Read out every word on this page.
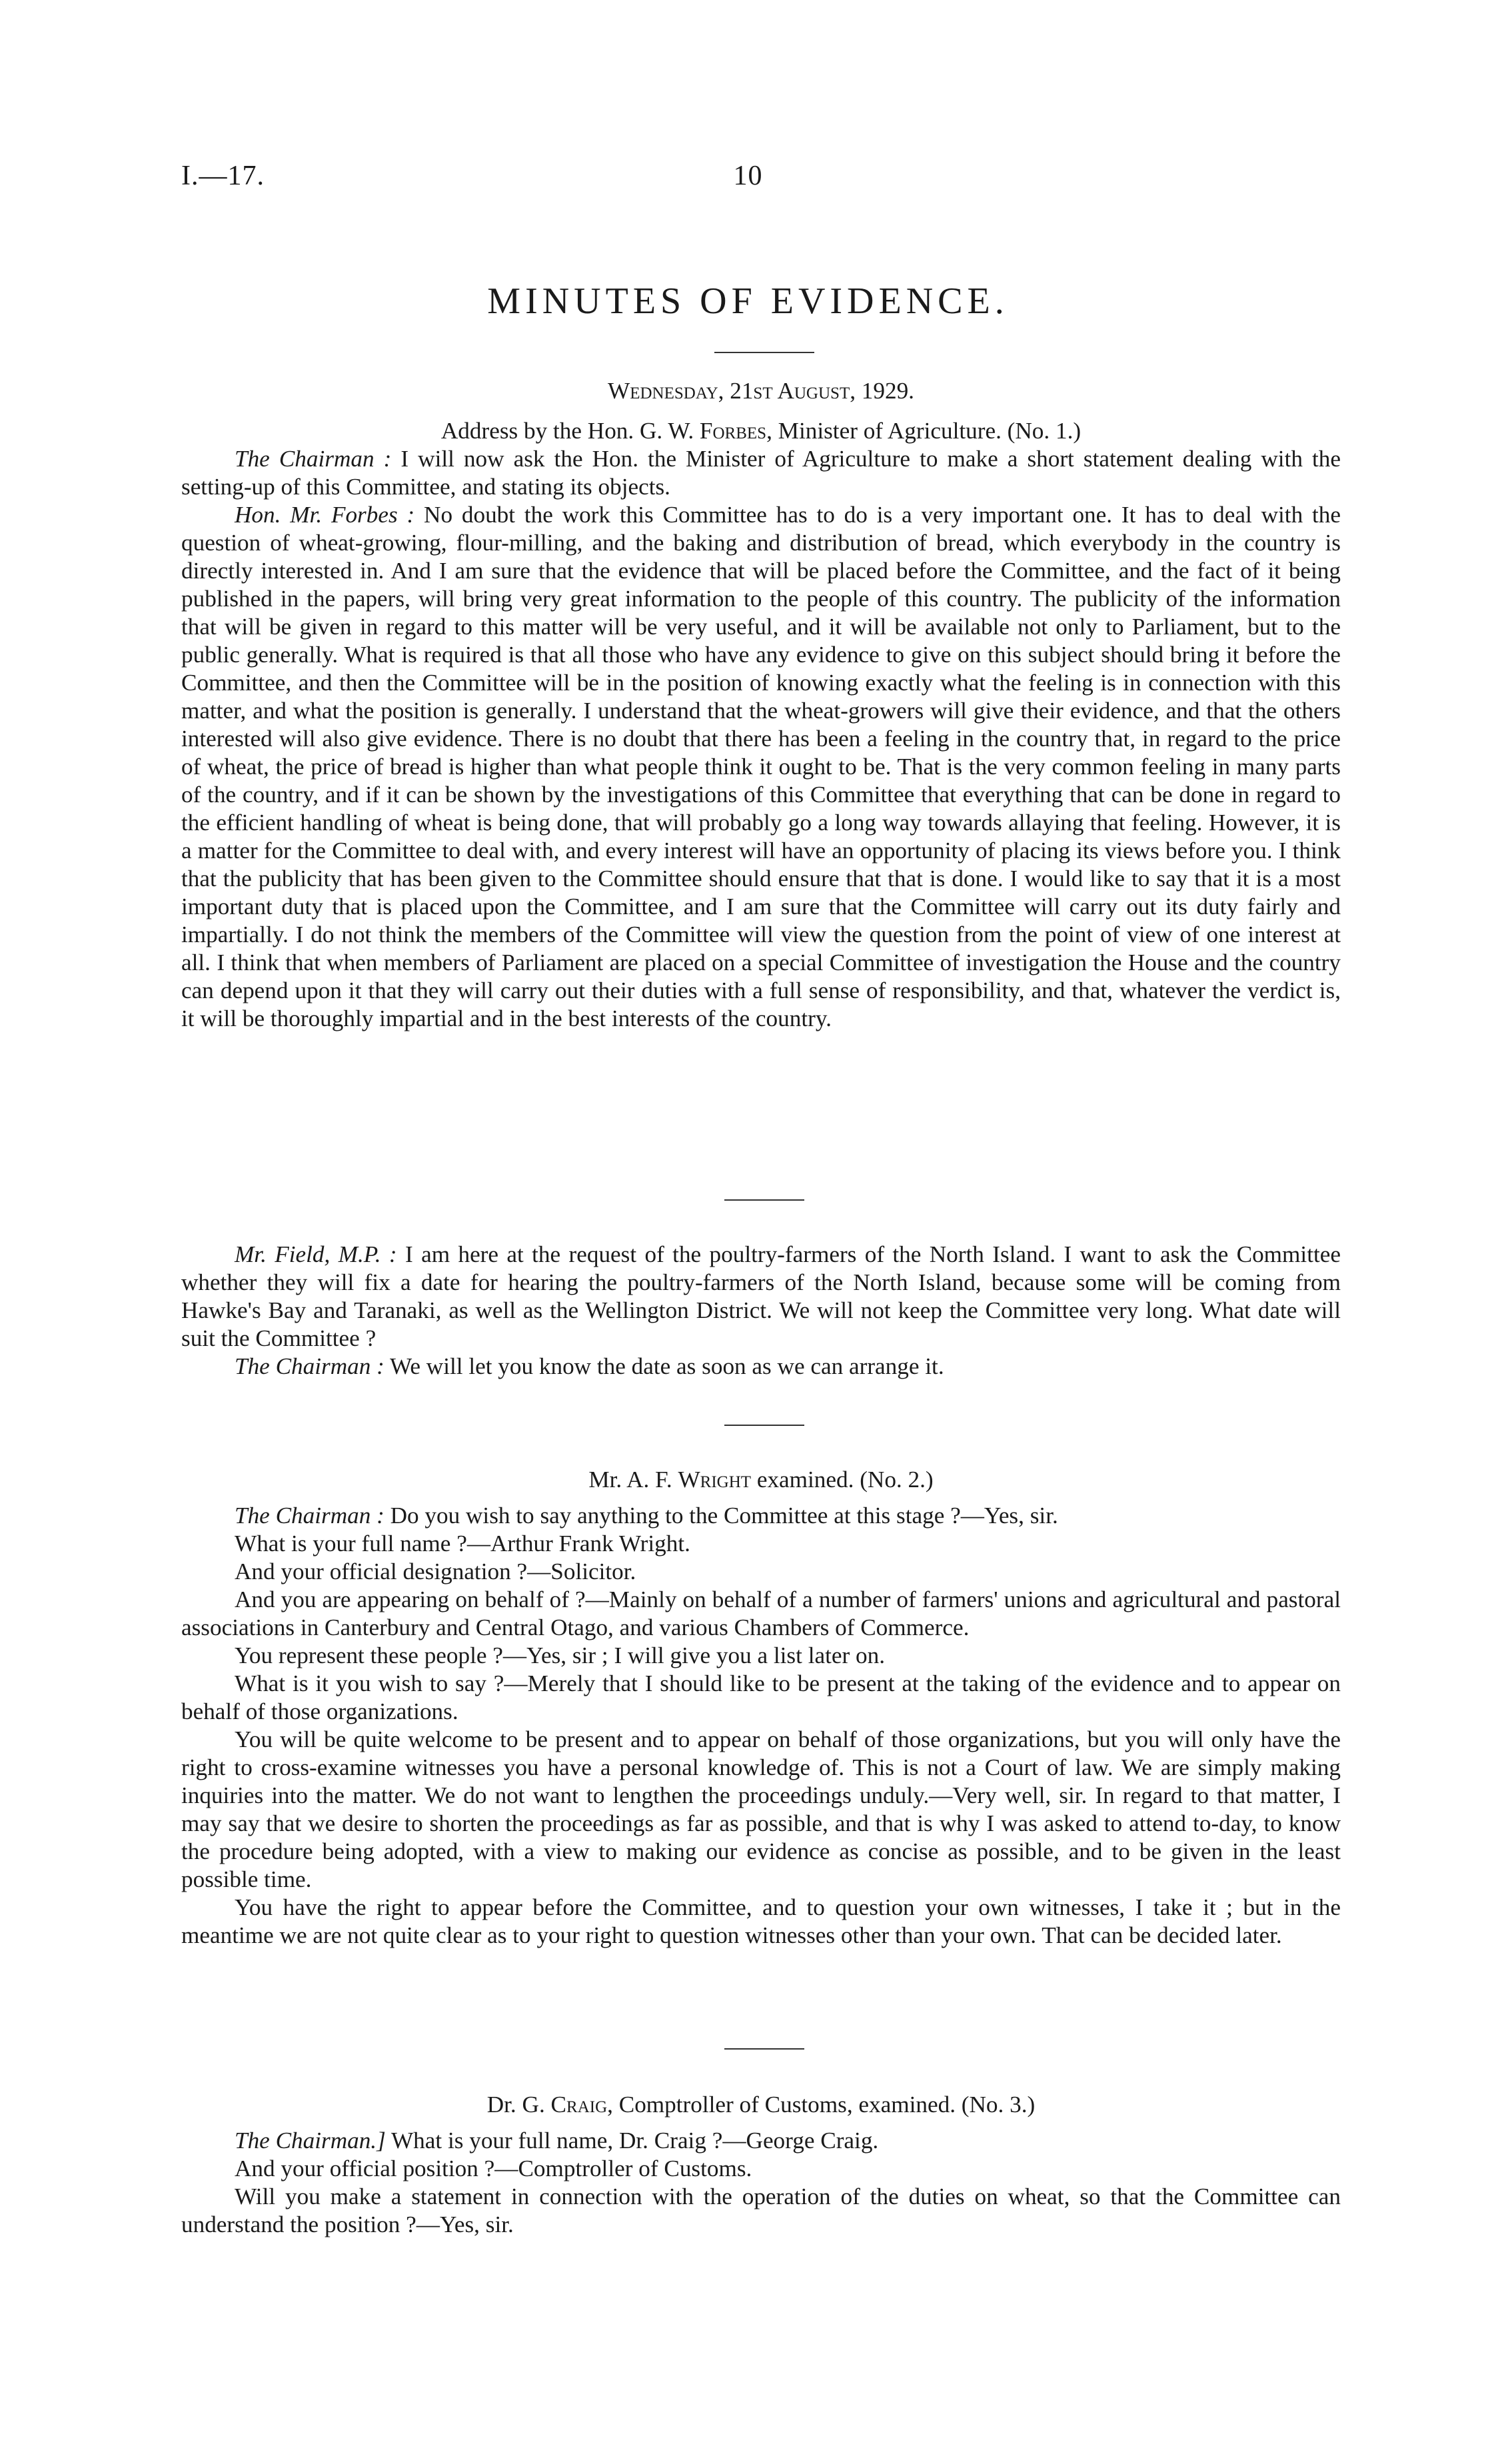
I.—17.	10
MINUTES OF EVIDENCE.

Wednesday, 21st August, 1929.

Address by the Hon. G. W. Forbes, Minister of Agriculture. (No. 1.)

The Chairman : I will now ask the Hon. the Minister of Agriculture to make a short statement dealing with the setting-up of this Committee, and stating its objects.

Hon. Mr. Forbes : No doubt the work this Committee has to do is a very important one. It has to deal with the question of wheat-growing, flour-milling, and the baking and distribution of bread, which everybody in the country is directly interested in. And I am sure that the evidence that will be placed before the Committee, and the fact of it being published in the papers, will bring very great information to the people of this country. The publicity of the information that will be given in regard to this matter will be very useful, and it will be available not only to Parliament, but to the public generally. What is required is that all those who have any evidence to give on this subject should bring it before the Committee, and then the Committee will be in the position of knowing exactly what the feeling is in connection with this matter, and what the position is generally. I understand that the wheat-growers will give their evidence, and that the others interested will also give evidence. There is no doubt that there has been a feeling in the country that, in regard to the price of wheat, the price of bread is higher than what people think it ought to be. That is the very common feeling in many parts of the country, and if it can be shown by the investigations of this Committee that everything that can be done in regard to the efficient handling of wheat is being done, that will probably go a long way towards allaying that feeling. However, it is a matter for the Committee to deal with, and every interest will have an opportunity of placing its views before you. I think that the publicity that has been given to the Committee should ensure that that is done. I would like to say that it is a most important duty that is placed upon the Committee, and I am sure that the Committee will carry out its duty fairly and impartially. I do not think the members of the Committee will view the question from the point of view of one interest at all. I think that when members of Parliament are placed on a special Committee of investigation the House and the country can depend upon it that they will carry out their duties with a full sense of responsibility, and that, whatever the verdict is, it will be thoroughly impartial and in the best interests of the country.

Mr. Field, M.P. : I am here at the request of the poultry-farmers of the North Island. I want to ask the Committee whether they will fix a date for hearing the poultry-farmers of the North Island, because some will be coming from Hawke's Bay and Taranaki, as well as the Wellington District. We will not keep the Committee very long. What date will suit the Committee ?

The Chairman : We will let you know the date as soon as we can arrange it.

Mr. A. F. Wright examined. (No. 2.)

The Chairman : Do you wish to say anything to the Committee at this stage ?—Yes, sir.

What is your full name ?—Arthur Frank Wright.

And your official designation ?—Solicitor.

And you are appearing on behalf of ?—Mainly on behalf of a number of farmers' unions and agricultural and pastoral associations in Canterbury and Central Otago, and various Chambers of Commerce.

You represent these people ?—Yes, sir ; I will give you a list later on.

What is it you wish to say ?—Merely that I should like to be present at the taking of the evidence and to appear on behalf of those organizations.

You will be quite welcome to be present and to appear on behalf of those organizations, but you will only have the right to cross-examine witnesses you have a personal knowledge of. This is not a Court of law. We are simply making inquiries into the matter. We do not want to lengthen the proceedings unduly.—Very well, sir. In regard to that matter, I may say that we desire to shorten the proceedings as far as possible, and that is why I was asked to attend to-day, to know the procedure being adopted, with a view to making our evidence as concise as possible, and to be given in the least possible time.

You have the right to appear before the Committee, and to question your own witnesses, I take it ; but in the meantime we are not quite clear as to your right to question witnesses other than your own. That can be decided later.

Dr. G. Craig, Comptroller of Customs, examined. (No. 3.)

The Chairman.] What is your full name, Dr. Craig ?—George Craig.

And your official position ?—Comptroller of Customs.

Will you make a statement in connection with the operation of the duties on wheat, so that the Committee can understand the position ?—Yes, sir.
